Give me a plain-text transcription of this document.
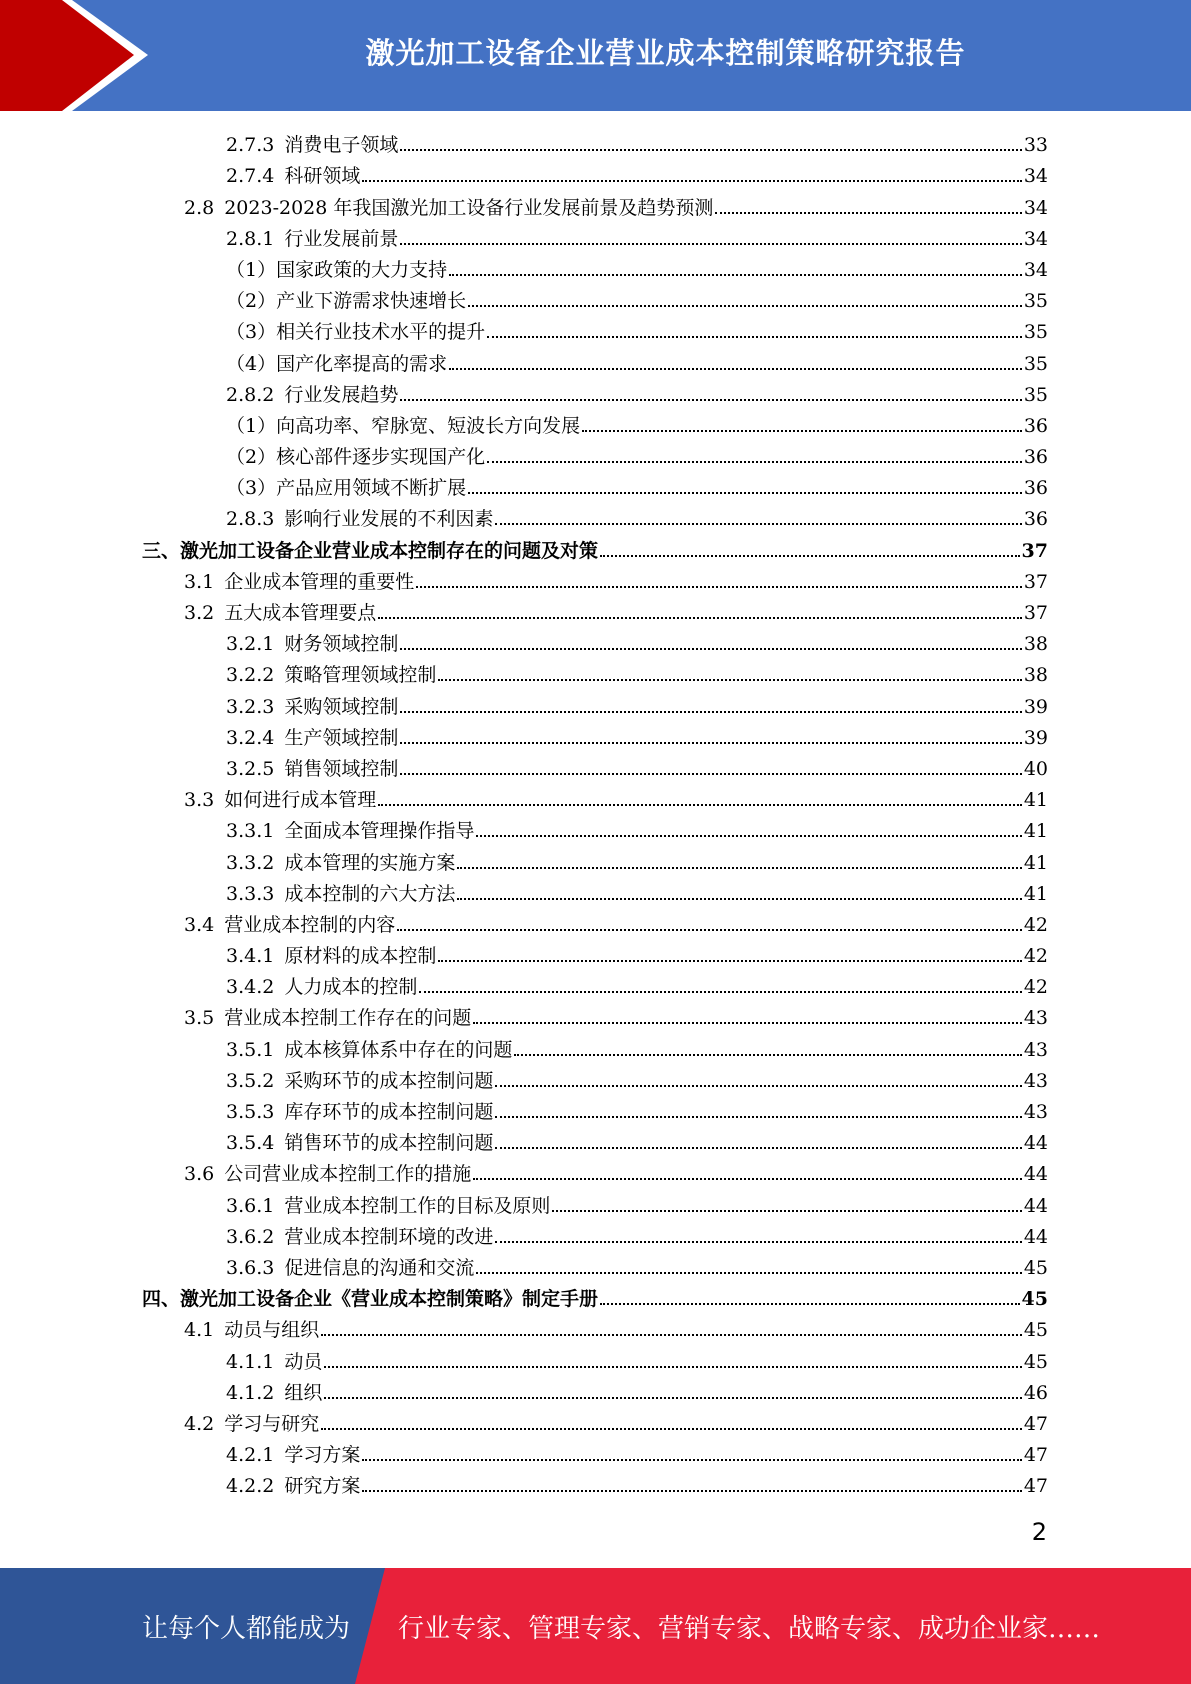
激光加工设备企业营业成本控制策略研究报告
2.7.3 消费电子领域	33
2.7.4 科研领域	34
2.8 2023-2028 年我国激光加工设备行业发展前景及趋势预测	34
2.8.1 行业发展前景	34
（1）国家政策的大力支持	34
（2）产业下游需求快速增长	35
（3）相关行业技术水平的提升	35
（4）国产化率提高的需求	35
2.8.2 行业发展趋势	35
（1）向高功率、窄脉宽、短波长方向发展	36
（2）核心部件逐步实现国产化	36
（3）产品应用领域不断扩展	36
2.8.3 影响行业发展的不利因素	36
三、激光加工设备企业营业成本控制存在的问题及对策	37
3.1 企业成本管理的重要性	37
3.2 五大成本管理要点	37
3.2.1 财务领域控制	38
3.2.2 策略管理领域控制	38
3.2.3 采购领域控制	39
3.2.4 生产领域控制	39
3.2.5 销售领域控制	40
3.3 如何进行成本管理	41
3.3.1 全面成本管理操作指导	41
3.3.2 成本管理的实施方案	41
3.3.3 成本控制的六大方法	41
3.4 营业成本控制的内容	42
3.4.1 原材料的成本控制	42
3.4.2 人力成本的控制	42
3.5 营业成本控制工作存在的问题	43
3.5.1 成本核算体系中存在的问题	43
3.5.2 采购环节的成本控制问题	43
3.5.3 库存环节的成本控制问题	43
3.5.4 销售环节的成本控制问题	44
3.6 公司营业成本控制工作的措施	44
3.6.1 营业成本控制工作的目标及原则	44
3.6.2 营业成本控制环境的改进	44
3.6.3 促进信息的沟通和交流	45
四、激光加工设备企业《营业成本控制策略》制定手册	45
4.1 动员与组织	45
4.1.1 动员	45
4.1.2 组织	46
4.2 学习与研究	47
4.2.1 学习方案	47
4.2.2 研究方案	47
2
让每个人都能成为 行业专家、管理专家、营销专家、战略专家、成功企业家……
